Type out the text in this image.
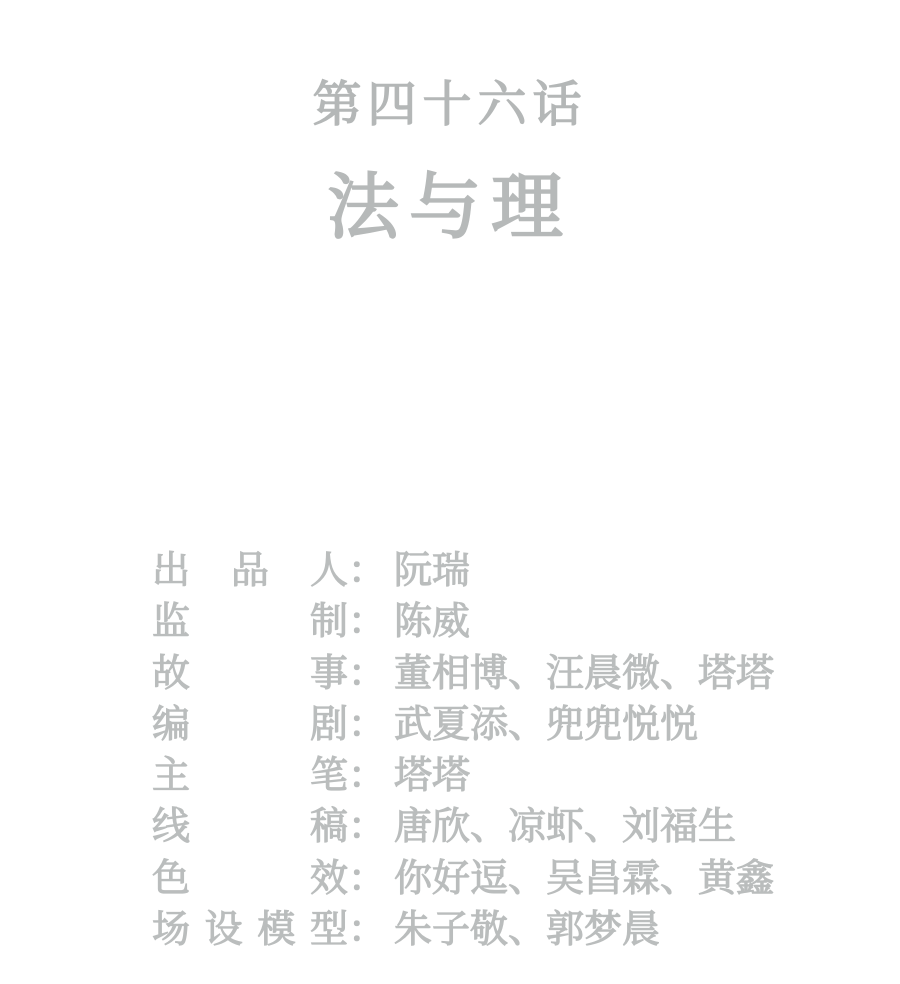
第四十六话
法与理
出 品 人 ： 阮瑞
监	制 ： 陈威
故	事 ： 董相博、汪晨微、塔塔
编	剧 ： 武夏添、兜兜悦悦
主	笔 ： 塔塔
线	稿 ： 唐欣、凉虾、刘福生
色	效 ： 你好逗、吴昌霖、黄鑫
场 设 模 型 ： 朱子敬、郭梦晨
